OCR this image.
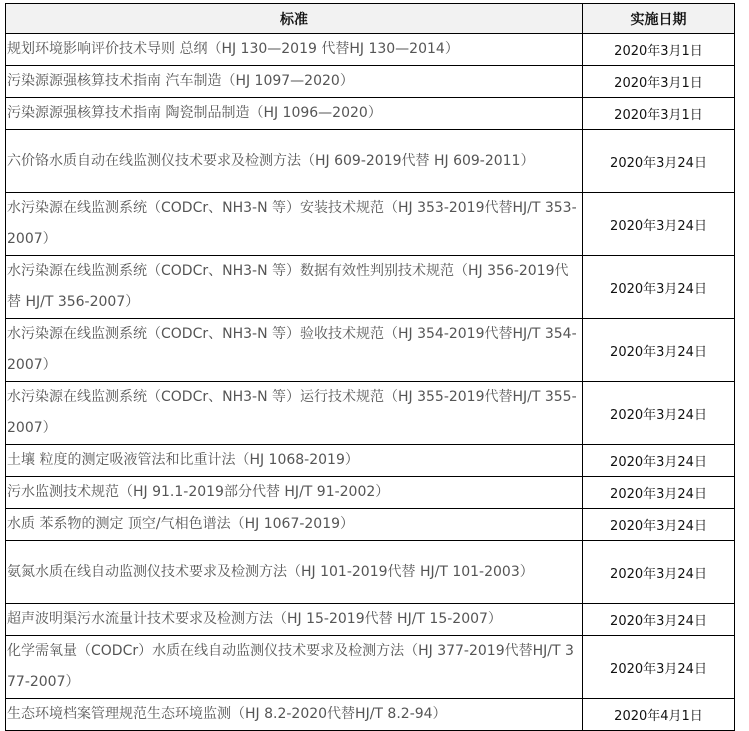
标准	实施日期
规划环境影响评价技术导则 总纲（HJ 130—2019 代替HJ 130—2014）	2020年3月1日
污染源源强核算技术指南 汽车制造（HJ 1097—2020）	2020年3月1日
污染源源强核算技术指南 陶瓷制品制造（HJ 1096—2020）	2020年3月1日
六价铬水质自动在线监测仪技术要求及检测方法（HJ 609-2019代替 HJ 609-2011）	2020年3月24日
水污染源在线监测系统（CODCr、NH3-N 等）安装技术规范（HJ 353-2019代替HJ/T 353-2007）	2020年3月24日
水污染源在线监测系统（CODCr、NH3-N 等）数据有效性判别技术规范（HJ 356-2019代替 HJ/T 356-2007）	2020年3月24日
水污染源在线监测系统（CODCr、NH3-N 等）验收技术规范（HJ 354-2019代替HJ/T 354-2007）	2020年3月24日
水污染源在线监测系统（CODCr、NH3-N 等）运行技术规范（HJ 355-2019代替HJ/T 355-2007）	2020年3月24日
土壤 粒度的测定吸液管法和比重计法（HJ 1068-2019）	2020年3月24日
污水监测技术规范（HJ 91.1-2019部分代替 HJ/T 91-2002）	2020年3月24日
水质 苯系物的测定 顶空/气相色谱法（HJ 1067-2019）	2020年3月24日
氨氮水质在线自动监测仪技术要求及检测方法（HJ 101-2019代替 HJ/T 101-2003）	2020年3月24日
超声波明渠污水流量计技术要求及检测方法（HJ 15-2019代替 HJ/T 15-2007）	2020年3月24日
化学需氧量（CODCr）水质在线自动监测仪技术要求及检测方法（HJ 377-2019代替HJ/T 377-2007）	2020年3月24日
生态环境档案管理规范生态环境监测（HJ 8.2-2020代替HJ/T 8.2-94）	2020年4月1日
